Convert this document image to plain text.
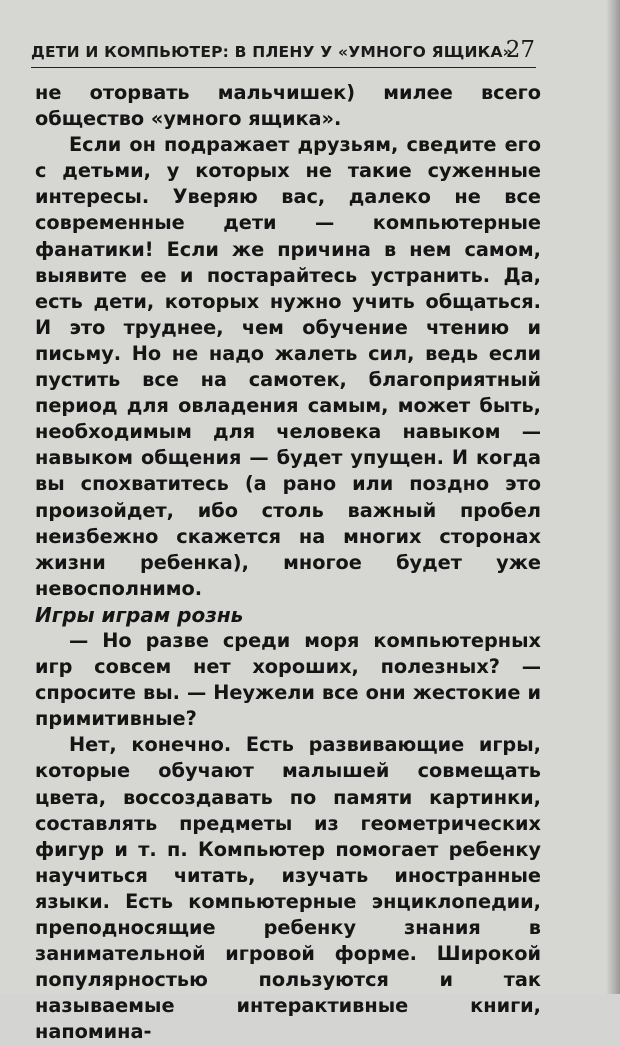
ДЕТИ И КОМПЬЮТЕР: В ПЛЕНУ У «УМНОГО ЯЩИКА»
27

не оторвать мальчишек) милее всего общество «умного ящика».

Если он подражает друзьям, сведите его с детьми, у которых не такие суженные интересы. Уверяю вас, далеко не все современные дети — компьютерные фанатики! Если же причина в нем самом, выявите ее и постарайтесь устранить. Да, есть дети, которых нужно учить общаться. И это труднее, чем обучение чтению и письму. Но не надо жалеть сил, ведь если пустить все на самотек, благоприятный период для овладения самым, может быть, необходимым для человека навыком — навыком общения — будет упущен. И когда вы спохватитесь (а рано или поздно это произойдет, ибо столь важный пробел неизбежно скажется на многих сторонах жизни ребенка), многое будет уже невосполнимо.

Игры играм рознь

— Но разве среди моря компьютерных игр совсем нет хороших, полезных? — спросите вы. — Неужели все они жестокие и примитивные?

Нет, конечно. Есть развивающие игры, которые обучают малышей совмещать цвета, воссоздавать по памяти картинки, составлять предметы из геометрических фигур и т. п. Компьютер помогает ребенку научиться читать, изучать иностранные языки. Есть компьютерные энциклопедии, преподносящие ребенку знания в занимательной игровой форме. Широкой популярностью пользуются и так называемые интерактивные книги, напомина-
